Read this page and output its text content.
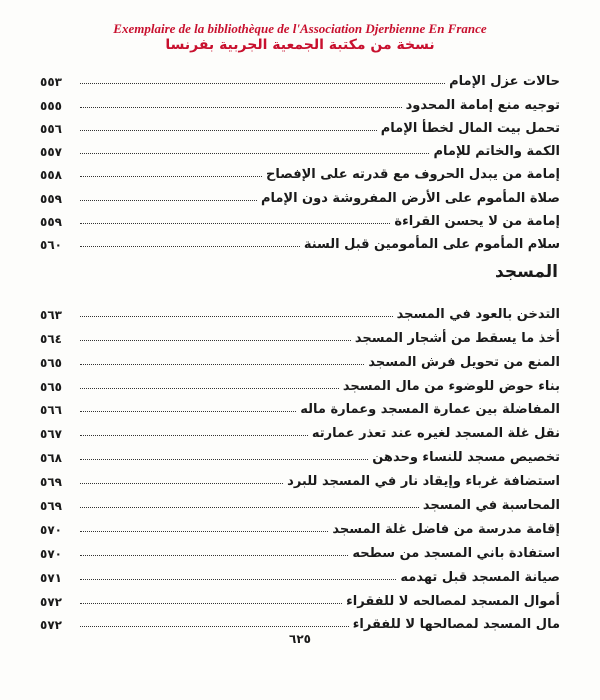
Exemplaire de la bibliothèque de l'Association Djerbienne En France
نسخة من مكتبة الجمعية الجربية بفرنسا
حالات عزل الإمام
٥٥٣
توجيه منع إمامة المحدود
٥٥٥
تحمل بيت المال لخطأ الإمام
٥٥٦
الكمة والخاتم للإمام
٥٥٧
إمامة من يبدل الحروف مع قدرته على الإفصاح
٥٥٨
صلاة المأموم على الأرض المفروشة دون الإمام
٥٥٩
إمامة من لا يحسن القراءة
٥٥٩
سلام المأموم على المأمومين قبل السنة
٥٦٠
المسجد
التدخن بالعود في المسجد
٥٦٣
أخذ ما يسقط من أشجار المسجد
٥٦٤
المنع من تحويل فرش المسجد
٥٦٥
بناء حوض للوضوء من مال المسجد
٥٦٥
المفاضلة بين عمارة المسجد وعمارة ماله
٥٦٦
نقل غلة المسجد لغيره عند تعذر عمارته
٥٦٧
تخصيص مسجد للنساء وحدهن
٥٦٨
استضافة غرباء وإيقاد نار في المسجد للبرد
٥٦٩
المحاسبة في المسجد
٥٦٩
إقامة مدرسة من فاضل غلة المسجد
٥٧٠
استفادة باني المسجد من سطحه
٥٧٠
صيانة المسجد قبل تهدمه
٥٧١
أموال المسجد لمصالحه لا للفقراء
٥٧٢
مال المسجد لمصالحها لا للفقراء
٥٧٢
٦٢٥
